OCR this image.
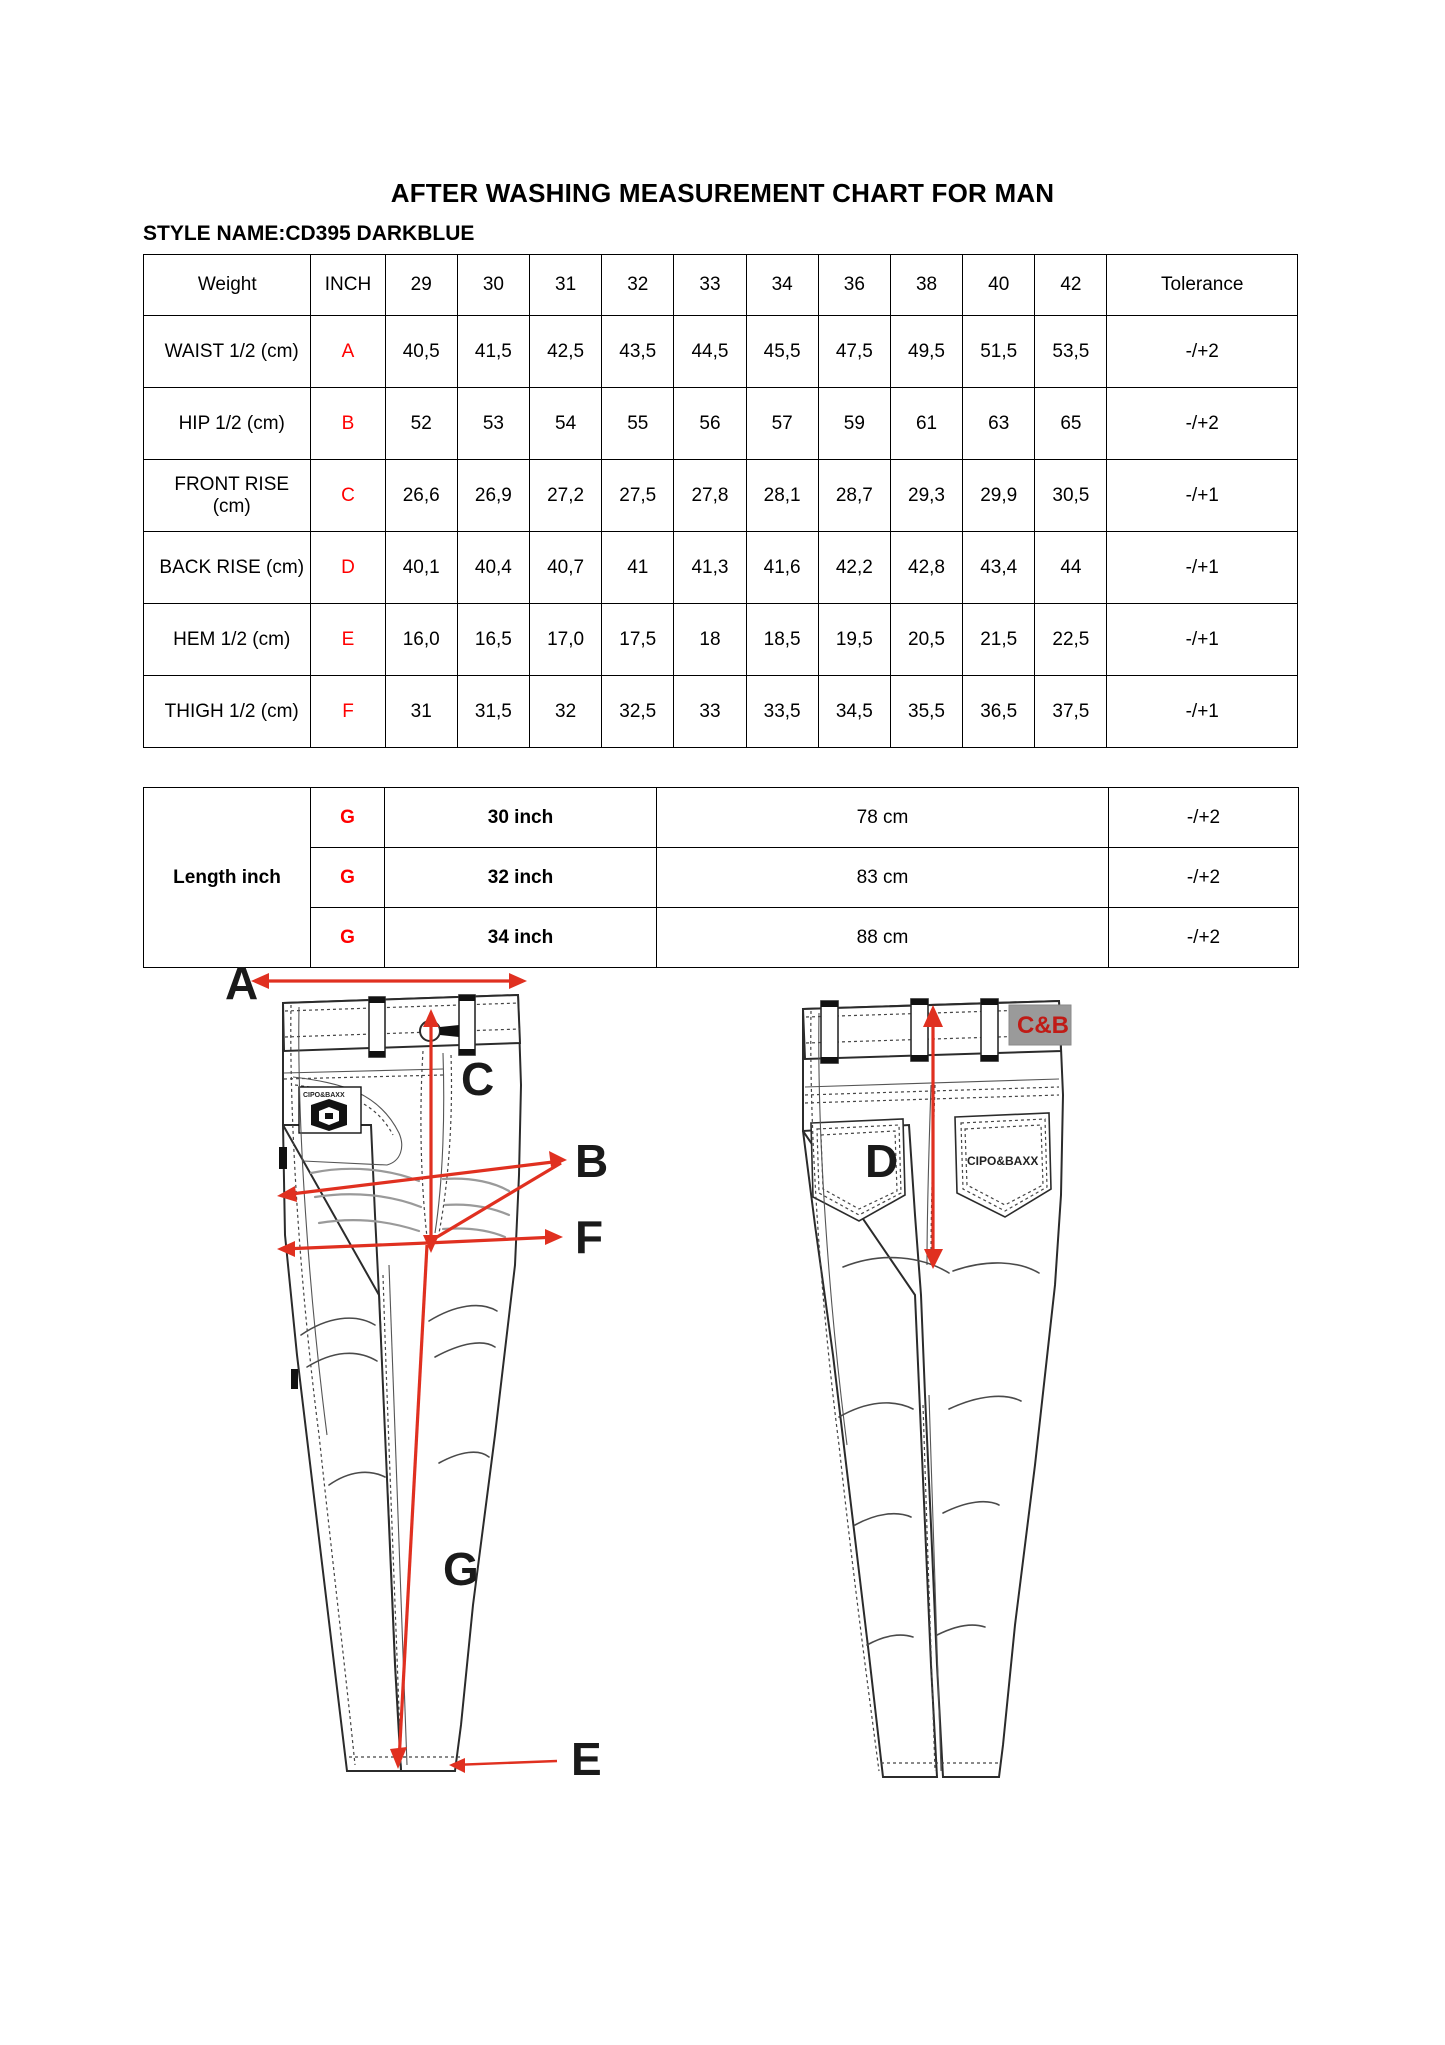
AFTER WASHING MEASUREMENT CHART FOR MAN
STYLE NAME:CD395 DARKBLUE
Weight	INCH	29	30	31	32	33	34	36	38	40	42	Tolerance
WAIST 1/2 (cm)	A	40,5	41,5	42,5	43,5	44,5	45,5	47,5	49,5	51,5	53,5	-/+2
HIP 1/2 (cm)	B	52	53	54	55	56	57	59	61	63	65	-/+2
FRONT RISE (cm)	C	26,6	26,9	27,2	27,5	27,8	28,1	28,7	29,3	29,9	30,5	-/+1
BACK RISE (cm)	D	40,1	40,4	40,7	41	41,3	41,6	42,2	42,8	43,4	44	-/+1
HEM 1/2 (cm)	E	16,0	16,5	17,0	17,5	18	18,5	19,5	20,5	21,5	22,5	-/+1
THIGH 1/2 (cm)	F	31	31,5	32	32,5	33	33,5	34,5	35,5	36,5	37,5	-/+1
Length inch	G	30 inch	78 cm	-/+2
	G	32 inch	83 cm	-/+2
	G	34 inch	88 cm	-/+2
CIPO&BAXX
A
C
B
F
G
E
C&B
CIPO&BAXX
D
